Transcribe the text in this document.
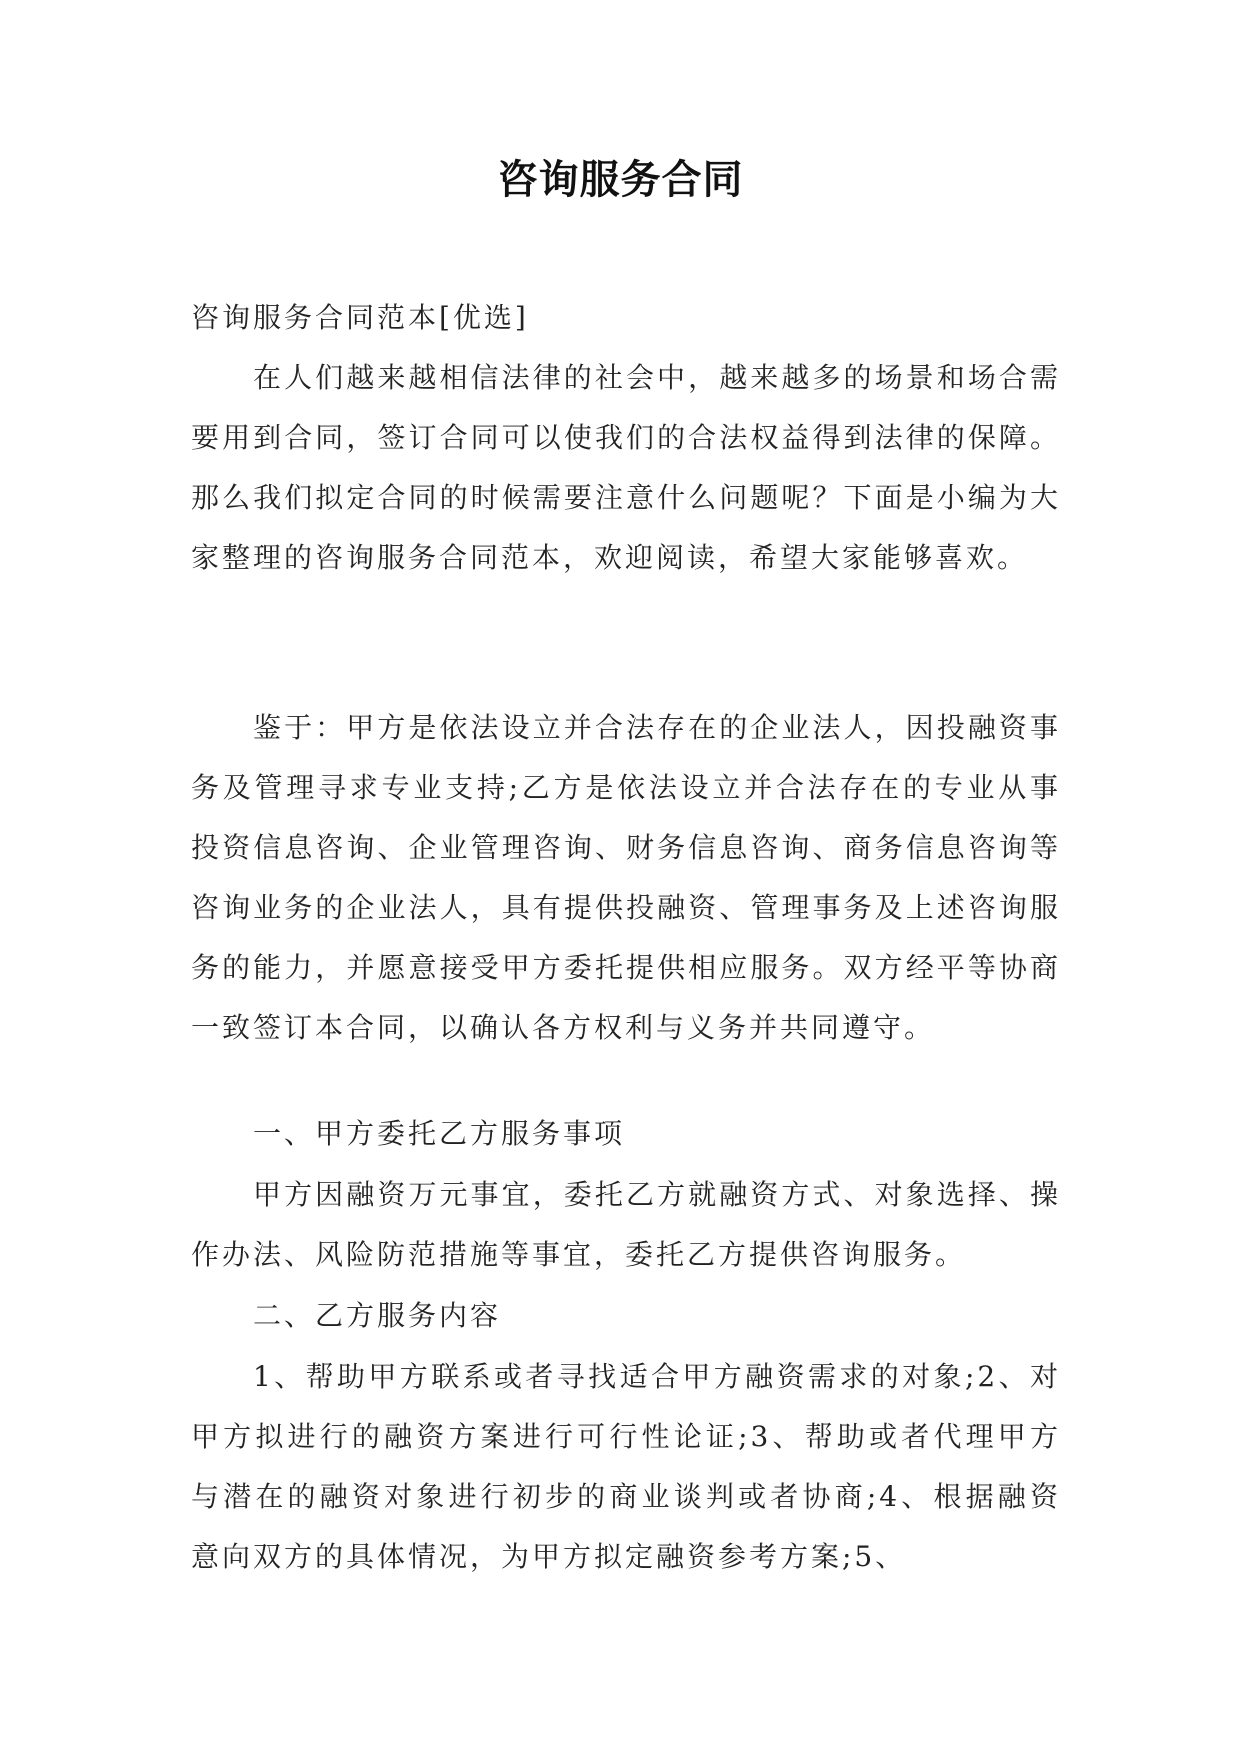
咨询服务合同

咨询服务合同范本[优选]

在人们越来越相信法律的社会中，越来越多的场景和场合需要用到合同，签订合同可以使我们的合法权益得到法律的保障。那么我们拟定合同的时候需要注意什么问题呢？下面是小编为大家整理的咨询服务合同范本，欢迎阅读，希望大家能够喜欢。

鉴于：甲方是依法设立并合法存在的企业法人，因投融资事务及管理寻求专业支持;乙方是依法设立并合法存在的专业从事投资信息咨询、企业管理咨询、财务信息咨询、商务信息咨询等咨询业务的企业法人，具有提供投融资、管理事务及上述咨询服务的能力，并愿意接受甲方委托提供相应服务。双方经平等协商一致签订本合同，以确认各方权利与义务并共同遵守。

一、甲方委托乙方服务事项

甲方因融资万元事宜，委托乙方就融资方式、对象选择、操作办法、风险防范措施等事宜，委托乙方提供咨询服务。

二、乙方服务内容

1、帮助甲方联系或者寻找适合甲方融资需求的对象;2、对甲方拟进行的融资方案进行可行性论证;3、帮助或者代理甲方与潜在的融资对象进行初步的商业谈判或者协商;4、根据融资意向双方的具体情况，为甲方拟定融资参考方案;5、
